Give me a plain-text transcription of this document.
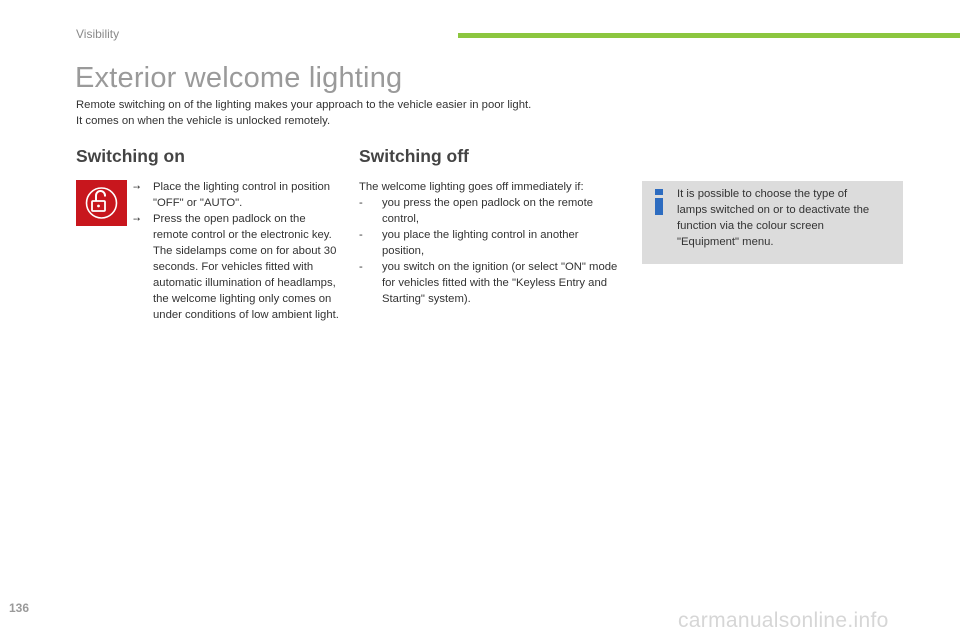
Visibility
Exterior welcome lighting

Remote switching on of the lighting makes your approach to the vehicle easier in poor light.

It comes on when the vehicle is unlocked remotely.

Switching on	Switching off
➙ Place the lighting control in position "OFF" or "AUTO".
➙ Press the open padlock on the remote control or the electronic key.
The sidelamps come on for about 30 seconds. For vehicles fitted with automatic illumination of headlamps, the welcome lighting only comes on under conditions of low ambient light.

The welcome lighting goes off immediately if:

- you press the open padlock on the remote control,
- you place the lighting control in another position,
- you switch on the ignition (or select "ON" mode for vehicles fitted with the "Keyless Entry and Starting" system).
It is possible to choose the type of lamps switched on or to deactivate the function via the colour screen "Equipment" menu.
136
carmanualsonline.info
